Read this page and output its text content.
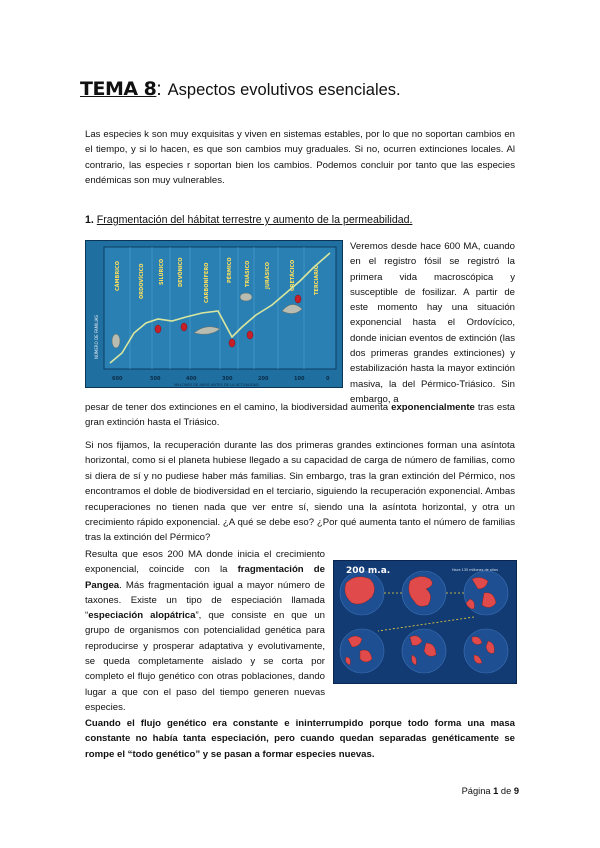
TEMA 8: Aspectos evolutivos esenciales.

Las especies k son muy exquisitas y viven en sistemas estables, por lo que no soportan cambios en el tiempo, y si lo hacen, es que son cambios muy graduales. Si no, ocurren extinciones locales. Al contrario, las especies r soportan bien los cambios. Podemos concluir por tanto que las especies endémicas son muy vulnerables.

1. Fragmentación del hábitat terrestre y aumento de la permeabilidad.
CÁMBRICO	ORDOVÍCICO	SILÚRICO	DEVÓNICO	CARBONÍFERO	PÉRMICO TRIÁSICO	JURÁSICO	CRETÁCICO	TERCIARIO
NÚMERO DE FAMILIAS
600	500	400	300	200	100	0
MILLONES DE AÑOS ANTES DE LA ACTUALIDAD

Veremos desde hace 600 MA, cuando en el registro fósil se registró la primera vida macroscópica y susceptible de fosilizar. A partir de este momento hay una situación exponencial hasta el Ordovícico, donde inician eventos de extinción (las dos primeras grandes extinciones) y estabilización hasta la mayor extinción masiva, la del Pérmico-Triásico. Sin embargo, a

pesar de tener dos extinciones en el camino, la biodiversidad aumenta exponencialmente tras esta gran extinción hasta el Triásico.

Si nos fijamos, la recuperación durante las dos primeras grandes extinciones forman una asíntota horizontal, como si el planeta hubiese llegado a su capacidad de carga de número de familias, como si diera de sí y no pudiese haber más familias. Sin embargo, tras la gran extinción del Pérmico, nos encontramos el doble de biodiversidad en el terciario, siguiendo la recuperación exponencial. Ambas recuperaciones no tienen nada que ver entre sí, siendo una la asíntota horizontal, y otra un crecimiento rápido exponencial. ¿A qué se debe eso? ¿Por qué aumenta tanto el número de familias tras la extinción del Pérmico?

Resulta que esos 200 MA donde inicia el crecimiento exponencial, coincide con la fragmentación de Pangea. Más fragmentación igual a mayor número de taxones. Existe un tipo de especiación llamada “especiación alopátrica”, que consiste en que un grupo de organismos con potencialidad genética para reproducirse y prosperar adaptativa y evolutivamente, se queda completamente aislado y se corta por completo el flujo genético con otras poblaciones, dando lugar a que con el paso del tiempo generen nuevas especies.

200 m.a.	Hace 135 millones de años

Cuando el flujo genético era constante e ininterrumpido porque todo forma una masa constante no había tanta especiación, pero cuando quedan separadas genéticamente se rompe el “todo genético” y se pasan a formar especies nuevas.

Página 1 de 9
